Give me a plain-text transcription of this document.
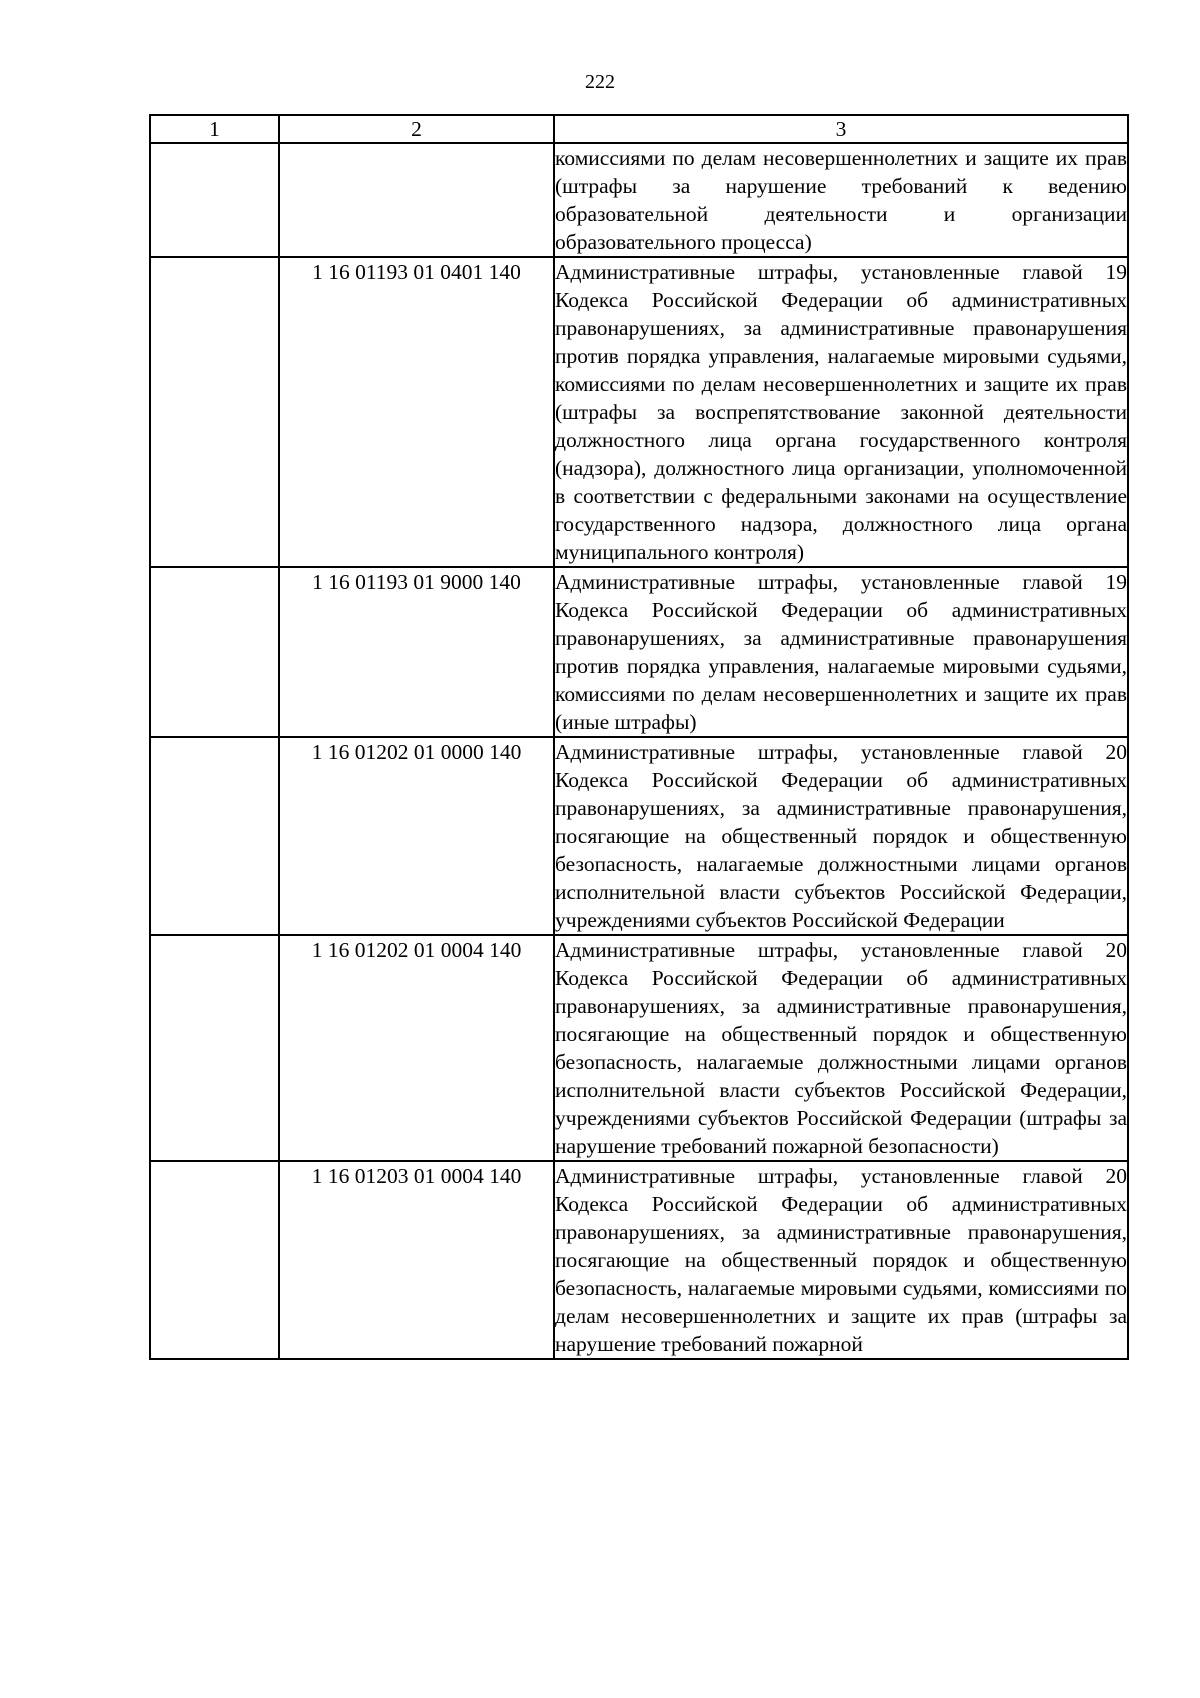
222
1	2	3

		комиссиями по делам несовершеннолетних и защите их прав (штрафы за нарушение требований к ведению образовательной деятельности и организации образовательного процесса)

	1 16 01193 01 0401 140	Административные штрафы, установленные главой 19 Кодекса Российской Федерации об административных правонарушениях, за административные правонарушения против порядка управления, налагаемые мировыми судьями, комиссиями по делам несовершеннолетних и защите их прав (штрафы за воспрепятствование законной деятельности должностного лица органа государственного контроля (надзора), должностного лица организации, уполномоченной в соответствии с федеральными законами на осуществление государственного надзора, должностного лица органа муниципального контроля)

	1 16 01193 01 9000 140	Административные штрафы, установленные главой 19 Кодекса Российской Федерации об административных правонарушениях, за административные правонарушения против порядка управления, налагаемые мировыми судьями, комиссиями по делам несовершеннолетних и защите их прав (иные штрафы)

	1 16 01202 01 0000 140	Административные штрафы, установленные главой 20 Кодекса Российской Федерации об административных правонарушениях, за административные правонарушения, посягающие на общественный порядок и общественную безопасность, налагаемые должностными лицами органов исполнительной власти субъектов Российской Федерации, учреждениями субъектов Российской Федерации

	1 16 01202 01 0004 140	Административные штрафы, установленные главой 20 Кодекса Российской Федерации об административных правонарушениях, за административные правонарушения, посягающие на общественный порядок и общественную безопасность, налагаемые должностными лицами органов исполнительной власти субъектов Российской Федерации, учреждениями субъектов Российской Федерации (штрафы за нарушение требований пожарной безопасности)

	1 16 01203 01 0004 140	Административные штрафы, установленные главой 20 Кодекса Российской Федерации об административных правонарушениях, за административные правонарушения, посягающие на общественный порядок и общественную безопасность, налагаемые мировыми судьями, комиссиями по делам несовершеннолетних и защите их прав (штрафы за нарушение требований пожарной
